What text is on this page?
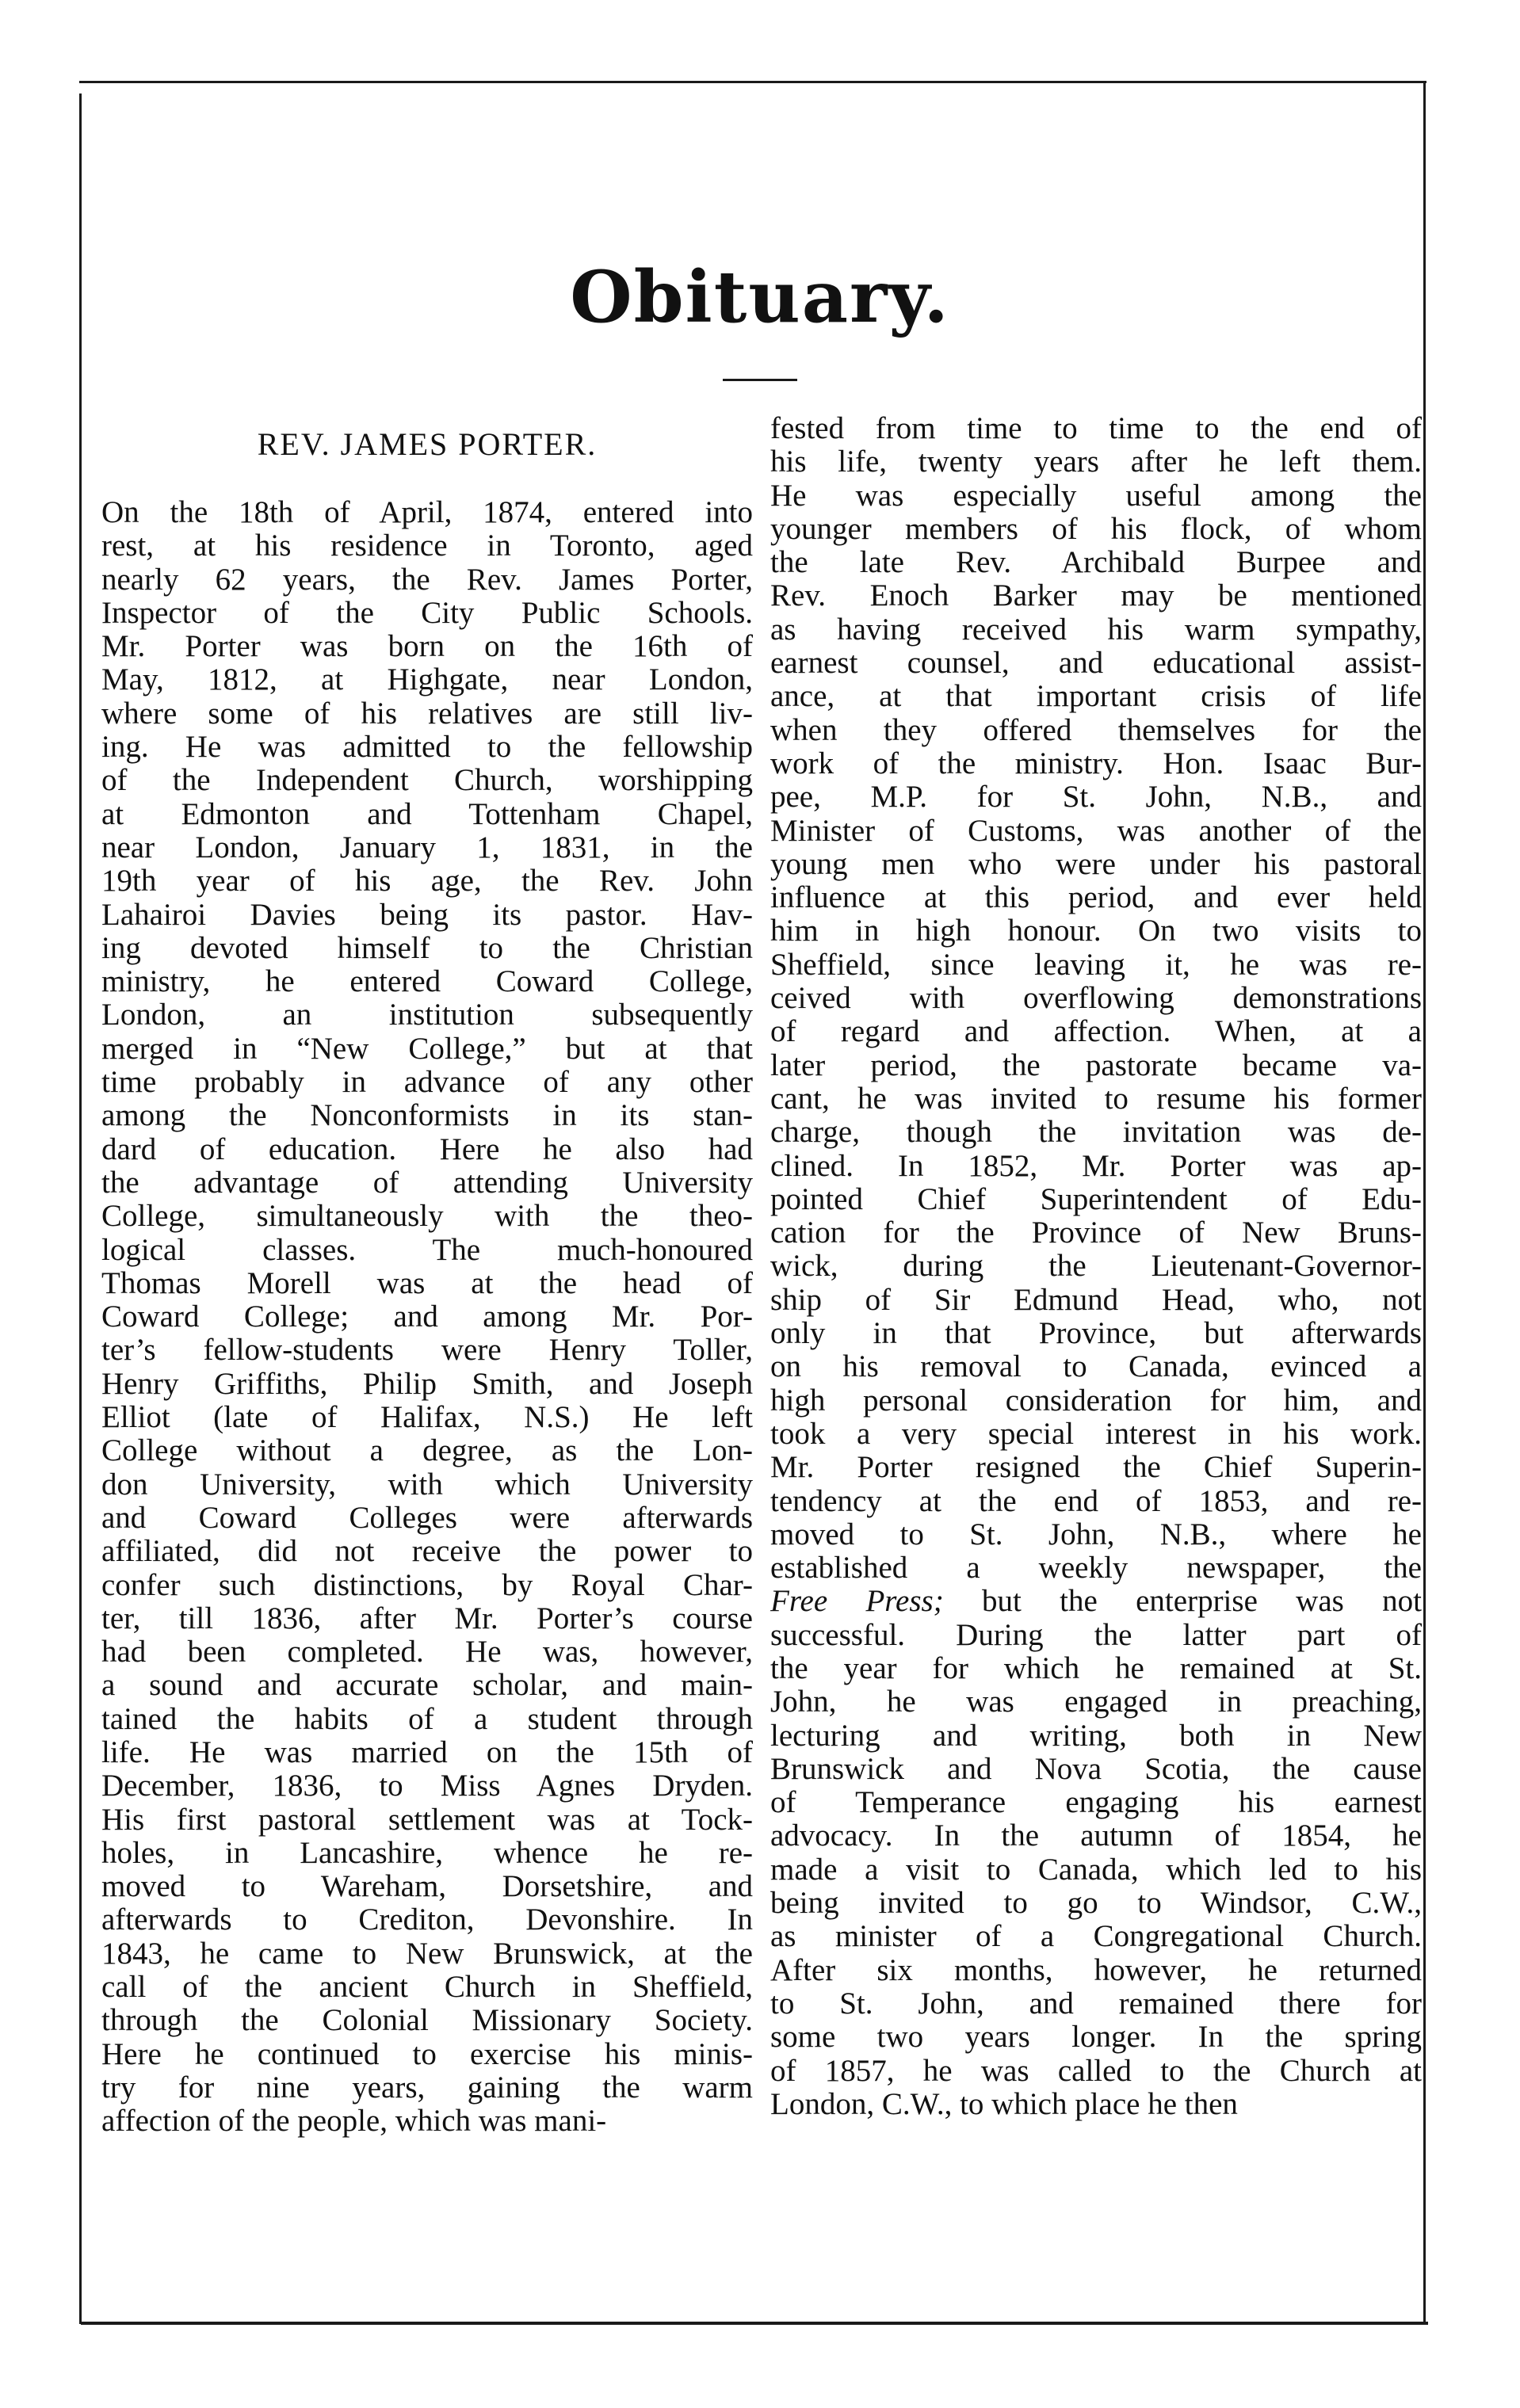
Obituary.
REV. JAMES PORTER.
On the 18th of April, 1874, entered into
rest, at his residence in Toronto, aged
nearly 62 years, the Rev. James Porter,
Inspector of the City Public Schools.
Mr. Porter was born on the 16th of
May, 1812, at Highgate, near London,
where some of his relatives are still liv-
ing. He was admitted to the fellowship
of the Independent Church, worshipping
at Edmonton and Tottenham Chapel,
near London, January 1, 1831, in the
19th year of his age, the Rev. John
Lahairoi Davies being its pastor. Hav-
ing devoted himself to the Christian
ministry, he entered Coward College,
London, an institution subsequently
merged in “New College,” but at that
time probably in advance of any other
among the Nonconformists in its stan-
dard of education. Here he also had
the advantage of attending University
College, simultaneously with the theo-
logical classes. The much-honoured
Thomas Morell was at the head of
Coward College; and among Mr. Por-
ter’s fellow-students were Henry Toller,
Henry Griffiths, Philip Smith, and Joseph
Elliot (late of Halifax, N.S.) He left
College without a degree, as the Lon-
don University, with which University
and Coward Colleges were afterwards
affiliated, did not receive the power to
confer such distinctions, by Royal Char-
ter, till 1836, after Mr. Porter’s course
had been completed. He was, however,
a sound and accurate scholar, and main-
tained the habits of a student through
life. He was married on the 15th of
December, 1836, to Miss Agnes Dryden.
His first pastoral settlement was at Tock-
holes, in Lancashire, whence he re-
moved to Wareham, Dorsetshire, and
afterwards to Crediton, Devonshire. In
1843, he came to New Brunswick, at the
call of the ancient Church in Sheffield,
through the Colonial Missionary Society.
Here he continued to exercise his minis-
try for nine years, gaining the warm
affection of the people, which was mani-
fested from time to time to the end of
his life, twenty years after he left them.
He was especially useful among the
younger members of his flock, of whom
the late Rev. Archibald Burpee and
Rev. Enoch Barker may be mentioned
as having received his warm sympathy,
earnest counsel, and educational assist-
ance, at that important crisis of life
when they offered themselves for the
work of the ministry. Hon. Isaac Bur-
pee, M.P. for St. John, N.B., and
Minister of Customs, was another of the
young men who were under his pastoral
influence at this period, and ever held
him in high honour. On two visits to
Sheffield, since leaving it, he was re-
ceived with overflowing demonstrations
of regard and affection. When, at a
later period, the pastorate became va-
cant, he was invited to resume his former
charge, though the invitation was de-
clined. In 1852, Mr. Porter was ap-
pointed Chief Superintendent of Edu-
cation for the Province of New Bruns-
wick, during the Lieutenant-Governor-
ship of Sir Edmund Head, who, not
only in that Province, but afterwards
on his removal to Canada, evinced a
high personal consideration for him, and
took a very special interest in his work.
Mr. Porter resigned the Chief Superin-
tendency at the end of 1853, and re-
moved to St. John, N.B., where he
established a weekly newspaper, the
Free Press; but the enterprise was not
successful. During the latter part of
the year for which he remained at St.
John, he was engaged in preaching,
lecturing and writing, both in New
Brunswick and Nova Scotia, the cause
of Temperance engaging his earnest
advocacy. In the autumn of 1854, he
made a visit to Canada, which led to his
being invited to go to Windsor, C.W.,
as minister of a Congregational Church.
After six months, however, he returned
to St. John, and remained there for
some two years longer. In the spring
of 1857, he was called to the Church at
London, C.W., to which place he then
